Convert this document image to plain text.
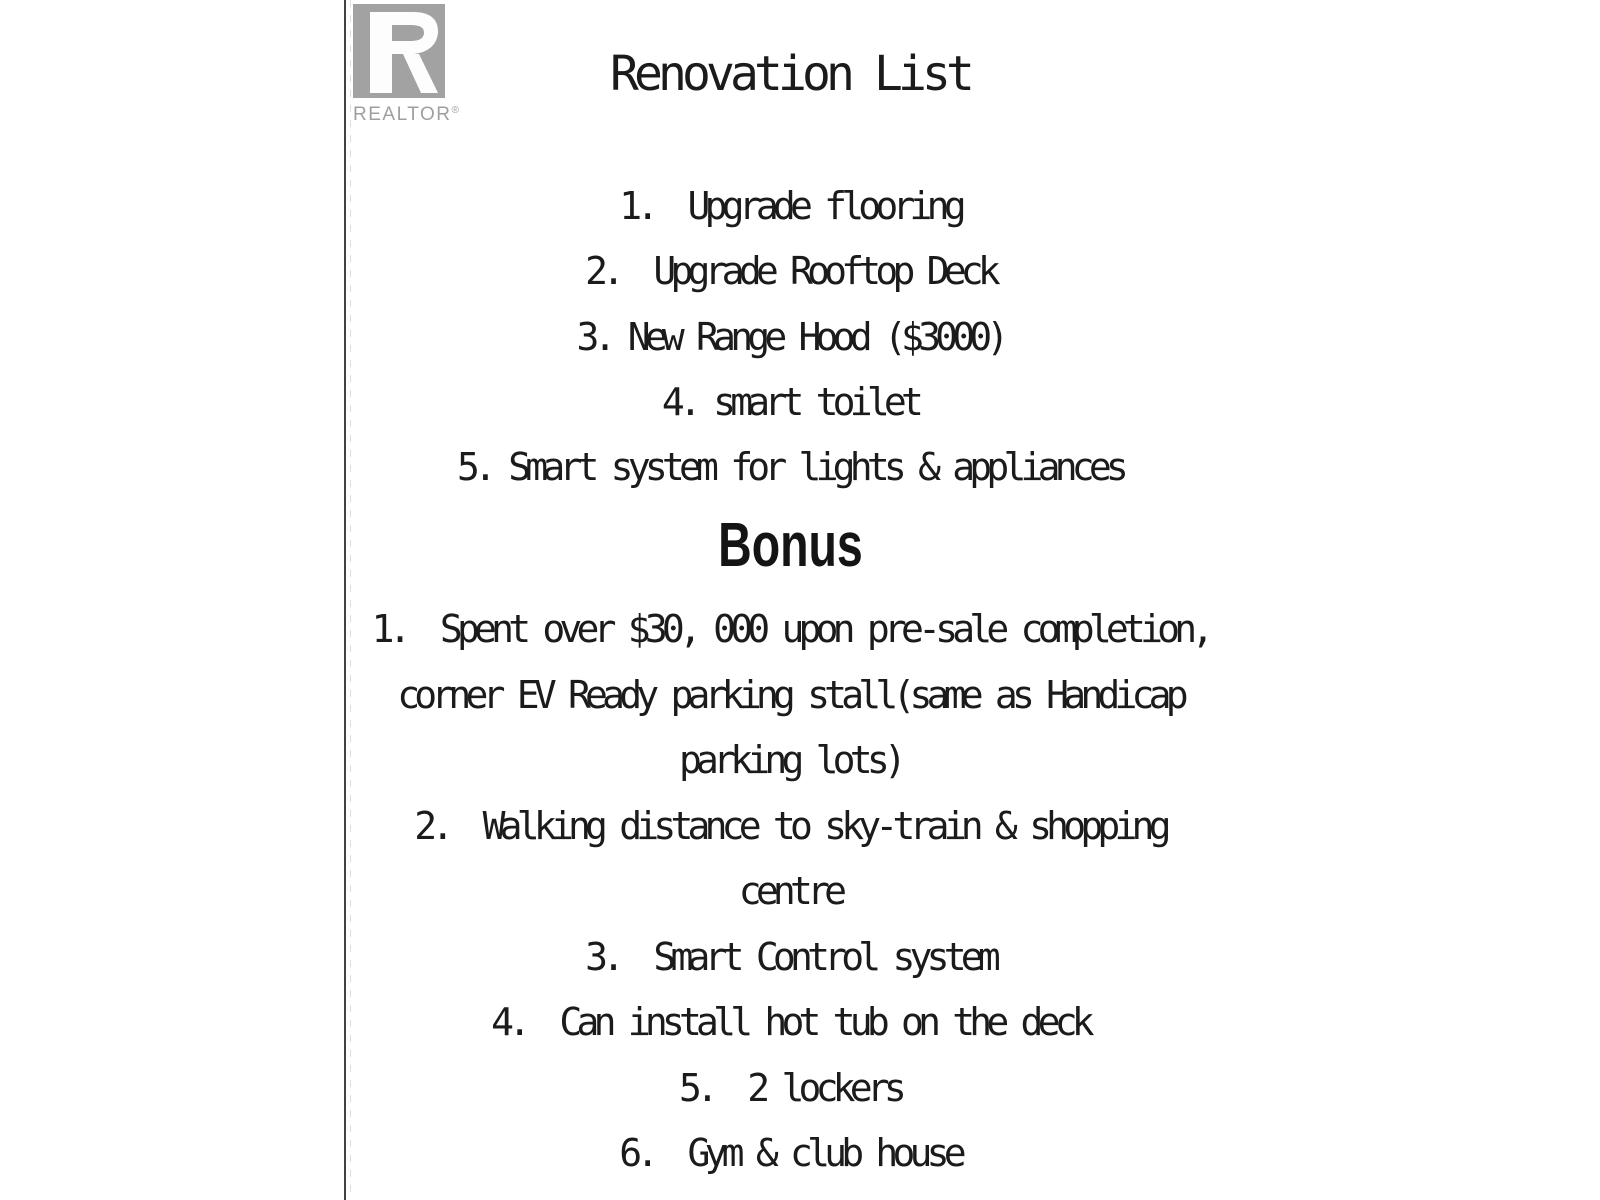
REALTOR®
Renovation List
1.  Upgrade flooring
2.  Upgrade Rooftop Deck
3. New Range Hood ($3000)
4. smart toilet
5. Smart system for lights & appliances
Bonus
1.  Spent over $30, 000 upon pre-sale completion,
corner EV Ready parking stall(same as Handicap
parking lots)
2.  Walking distance to sky-train & shopping
centre
3.  Smart Control system
4.  Can install hot tub on the deck
5.  2 lockers
6.  Gym & club house
